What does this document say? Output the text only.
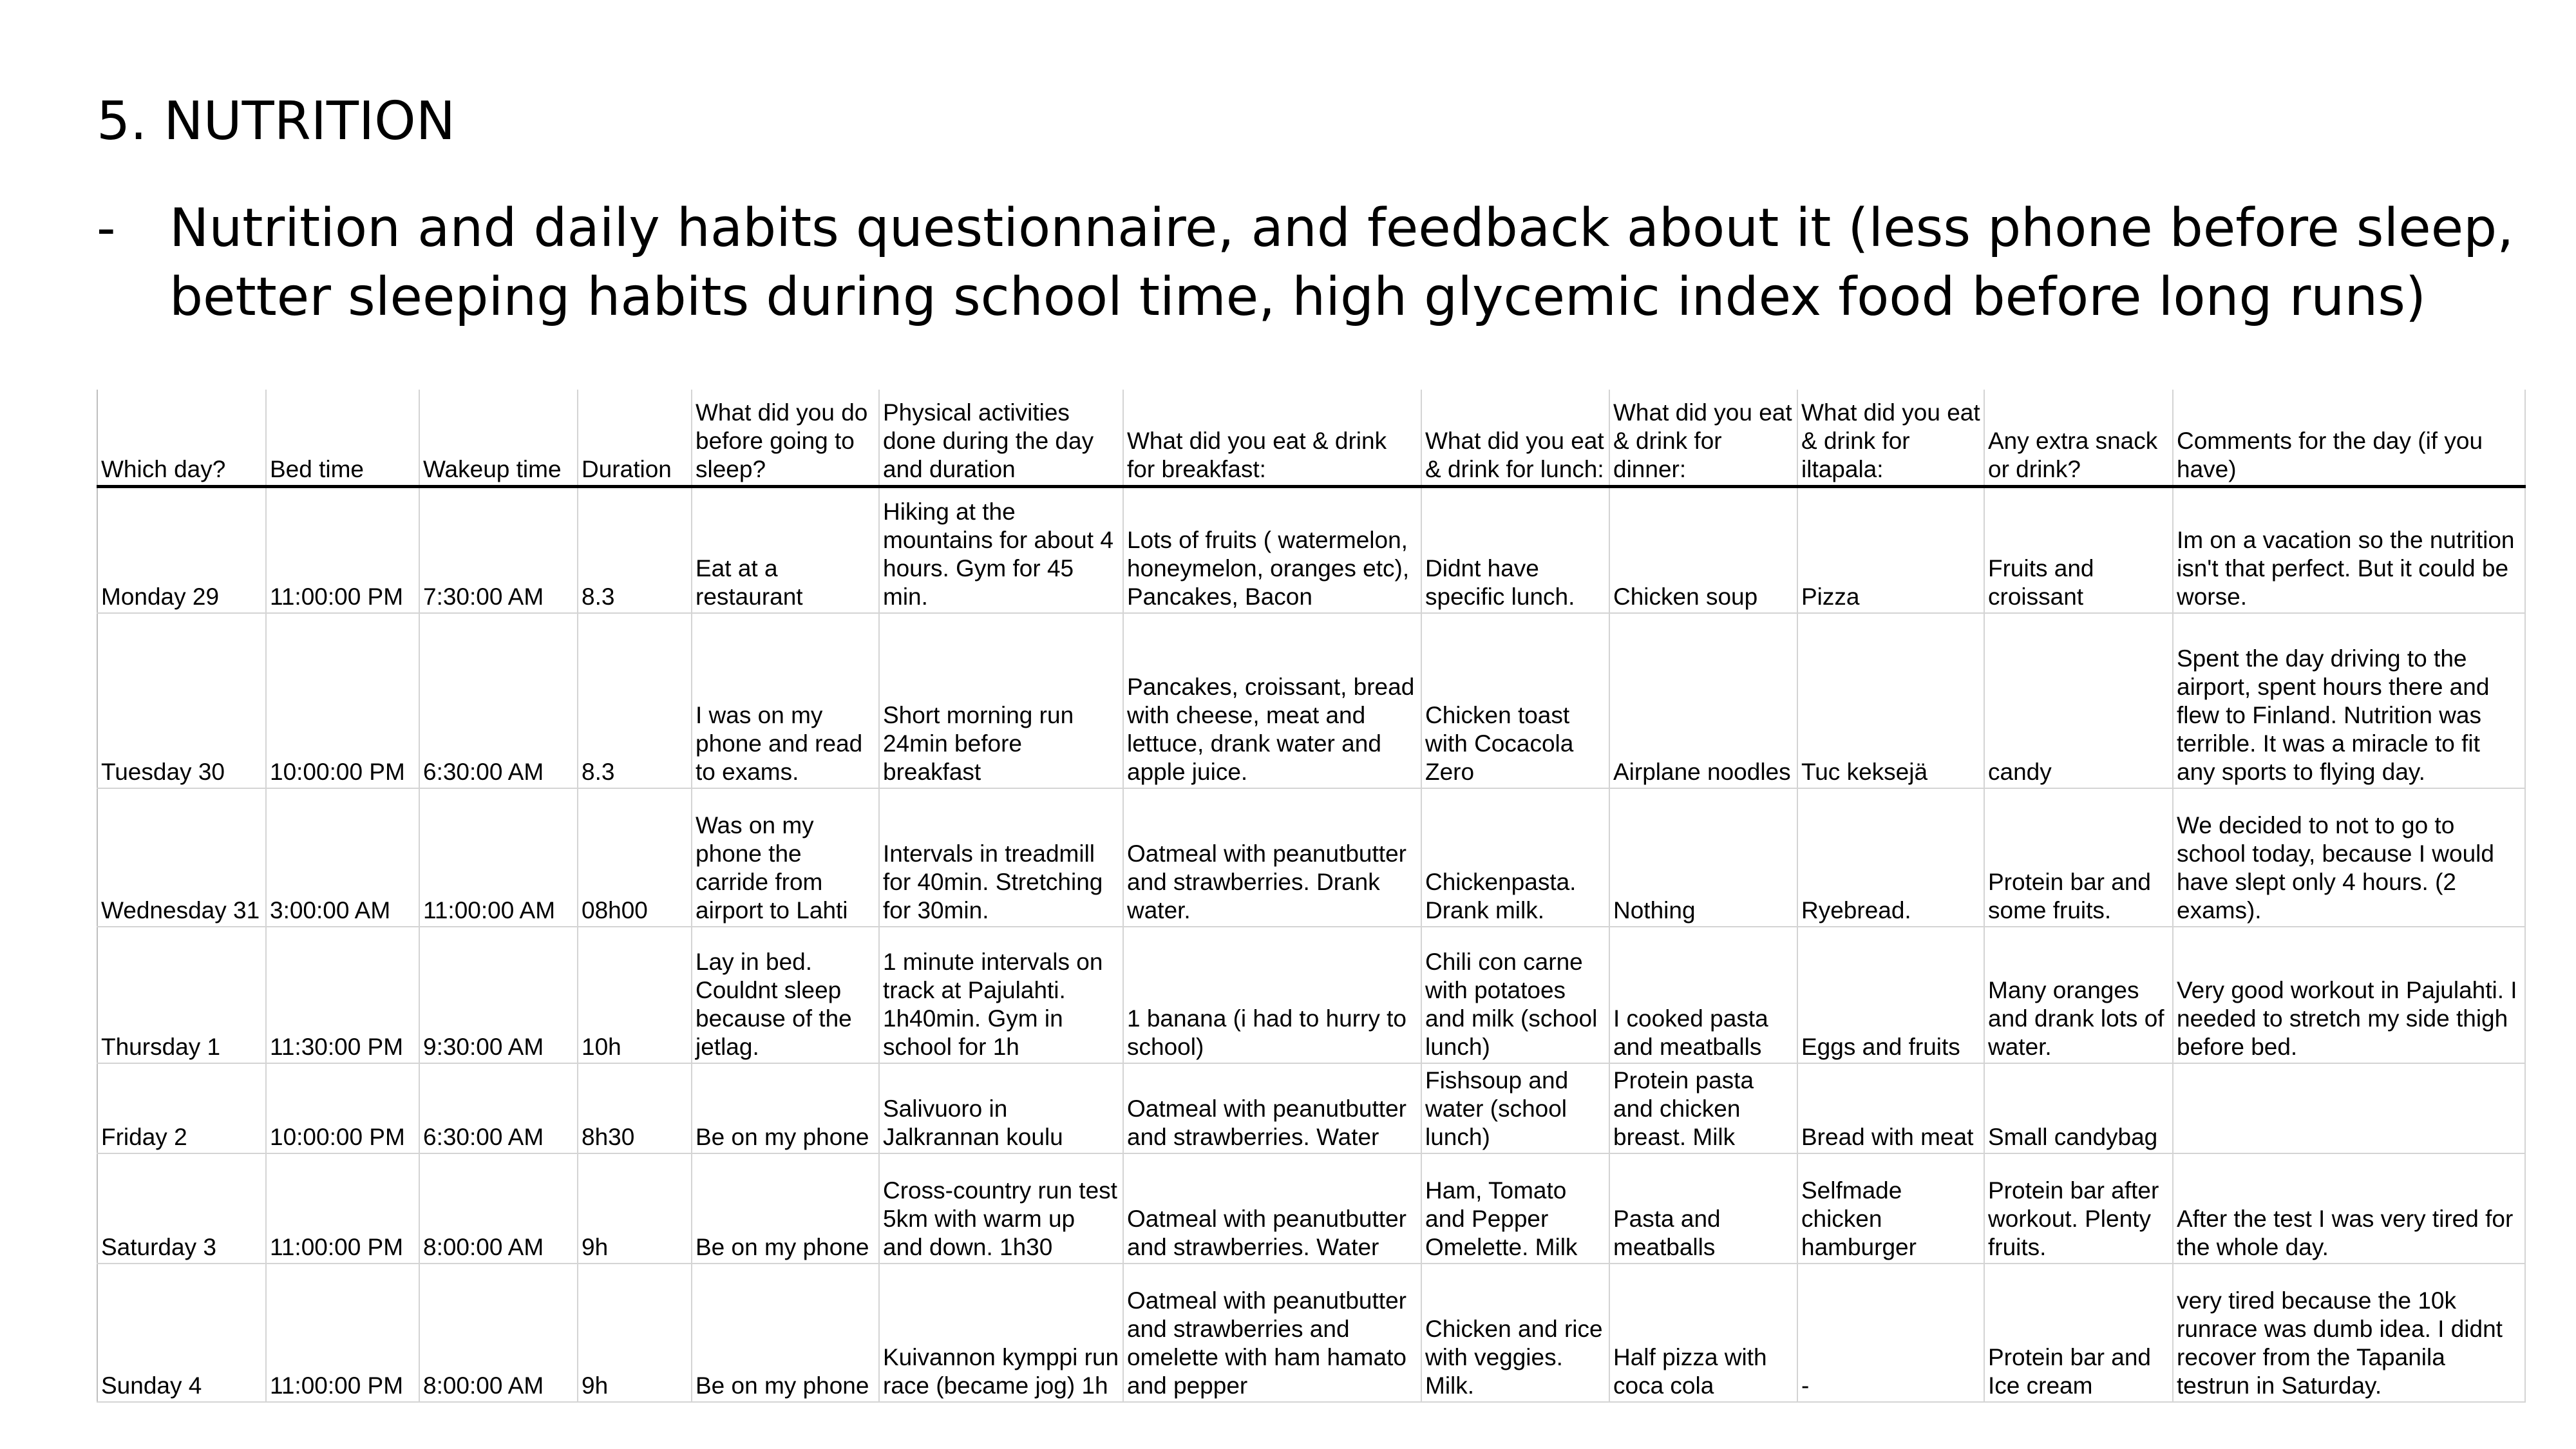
5. NUTRITION
- Nutrition and daily habits questionnaire, and feedback about it (less phone before sleep, better sleeping habits during school time, high glycemic index food before long runs)
Which day?	Bed time	Wakeup time	Duration	What did you do before going to sleep?	Physical activities done during the day and duration	What did you eat & drink for breakfast:	What did you eat & drink for lunch:	What did you eat & drink for dinner:	What did you eat & drink for iltapala:	Any extra snack or drink?	Comments for the day (if you have)
Monday 29	11:00:00 PM	7:30:00 AM	8.3	Eat at a restaurant	Hiking at the mountains for about 4 hours. Gym for 45 min.	Lots of fruits ( watermelon, honeymelon, oranges etc), Pancakes, Bacon	Didnt have specific lunch.	Chicken soup	Pizza	Fruits and croissant	Im on a vacation so the nutrition isn't that perfect. But it could be worse.
Tuesday 30	10:00:00 PM	6:30:00 AM	8.3	I was on my phone and read to exams.	Short morning run 24min before breakfast	Pancakes, croissant, bread with cheese, meat and lettuce, drank water and apple juice.	Chicken toast with Cocacola Zero	Airplane noodles	Tuc keksejä	candy	Spent the day driving to the airport, spent hours there and flew to Finland. Nutrition was terrible. It was a miracle to fit any sports to flying day.
Wednesday 31	3:00:00 AM	11:00:00 AM	08h00	Was on my phone the carride from airport to Lahti	Intervals in treadmill for 40min. Stretching for 30min.	Oatmeal with peanutbutter and strawberries. Drank water.	Chickenpasta. Drank milk.	Nothing	Ryebread.	Protein bar and some fruits.	We decided to not to go to school today, because I would have slept only 4 hours. (2 exams).
Thursday 1	11:30:00 PM	9:30:00 AM	10h	Lay in bed. Couldnt sleep because of the jetlag.	1 minute intervals on track at Pajulahti. 1h40min. Gym in school for 1h	1 banana (i had to hurry to school)	Chili con carne with potatoes and milk (school lunch)	I cooked pasta and meatballs	Eggs and fruits	Many oranges and drank lots of water.	Very good workout in Pajulahti. I needed to stretch my side thigh before bed.
Friday 2	10:00:00 PM	6:30:00 AM	8h30	Be on my phone	Salivuoro in Jalkrannan koulu	Oatmeal with peanutbutter and strawberries. Water	Fishsoup and water (school lunch)	Protein pasta and chicken breast. Milk	Bread with meat	Small candybag	
Saturday 3	11:00:00 PM	8:00:00 AM	9h	Be on my phone	Cross-country run test 5km with warm up and down. 1h30	Oatmeal with peanutbutter and strawberries. Water	Ham, Tomato and Pepper Omelette. Milk	Pasta and meatballs	Selfmade chicken hamburger	Protein bar after workout. Plenty fruits.	After the test I was very tired for the whole day.
Sunday 4	11:00:00 PM	8:00:00 AM	9h	Be on my phone	Kuivannon kymppi run race (became jog) 1h	Oatmeal with peanutbutter and strawberries and omelette with ham hamato and pepper	Chicken and rice with veggies. Milk.	Half pizza with coca cola	-	Protein bar and Ice cream	very tired because the 10k runrace was dumb idea. I didnt recover from the Tapanila testrun in Saturday.
